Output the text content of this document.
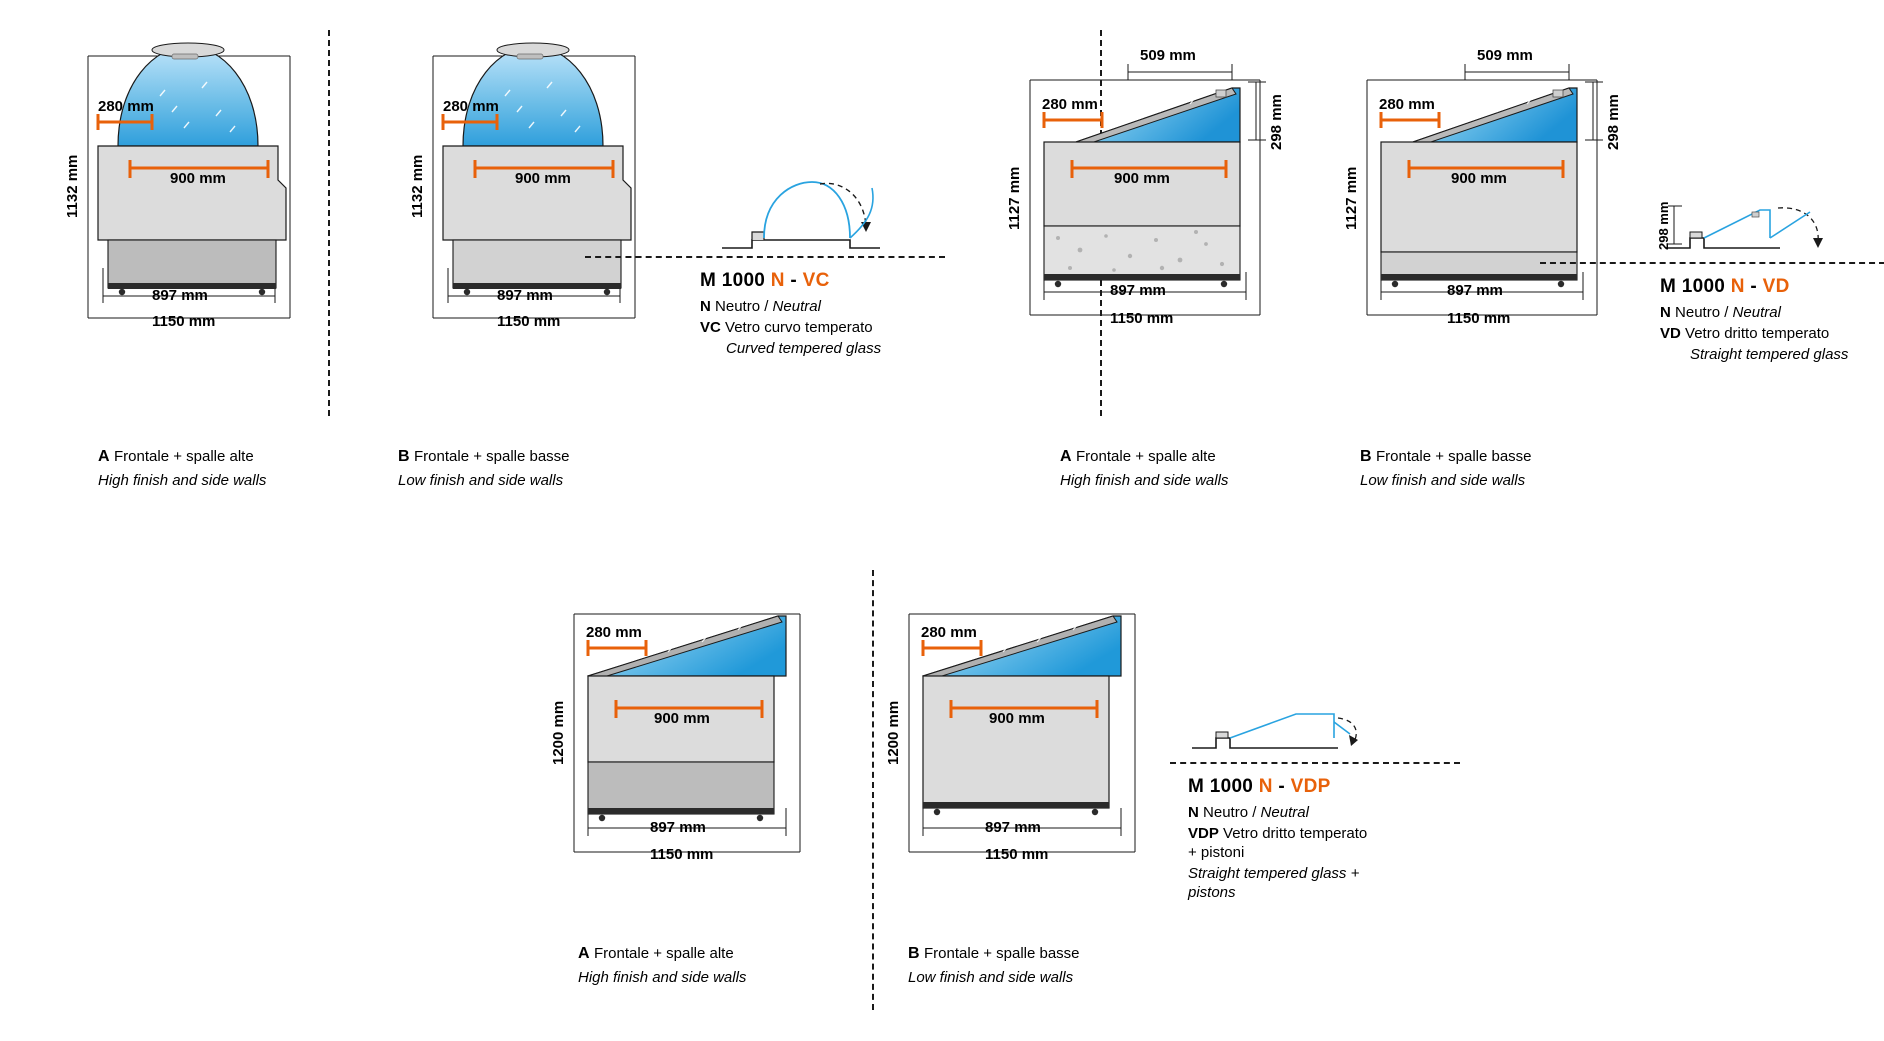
1132 mm
280 mm
900 mm
897 mm
1150 mm
A Frontale + spalle alte
High finish and side walls
1132 mm
280 mm
900 mm
897 mm
1150 mm
B Frontale + spalle basse
Low finish and side walls
M 1000 N - VC
N Neutro / Neutral
VC Vetro curvo temperato
Curved tempered glass
1127 mm
509 mm
298 mm
280 mm
900 mm
897 mm
1150 mm
A Frontale + spalle alte
High finish and side walls
1127 mm
509 mm
298 mm
280 mm
900 mm
897 mm
1150 mm
B Frontale + spalle basse
Low finish and side walls
298 mm
M 1000 N - VD
N Neutro / Neutral
VD Vetro dritto temperato
Straight tempered glass
1200 mm
280 mm
900 mm
897 mm
1150 mm
A Frontale + spalle alte
High finish and side walls
1200 mm
280 mm
900 mm
897 mm
1150 mm
B Frontale + spalle basse
Low finish and side walls
M 1000 N - VDP
N Neutro / Neutral
VDP Vetro dritto temperato
+ pistoni
Straight tempered glass +
pistons
